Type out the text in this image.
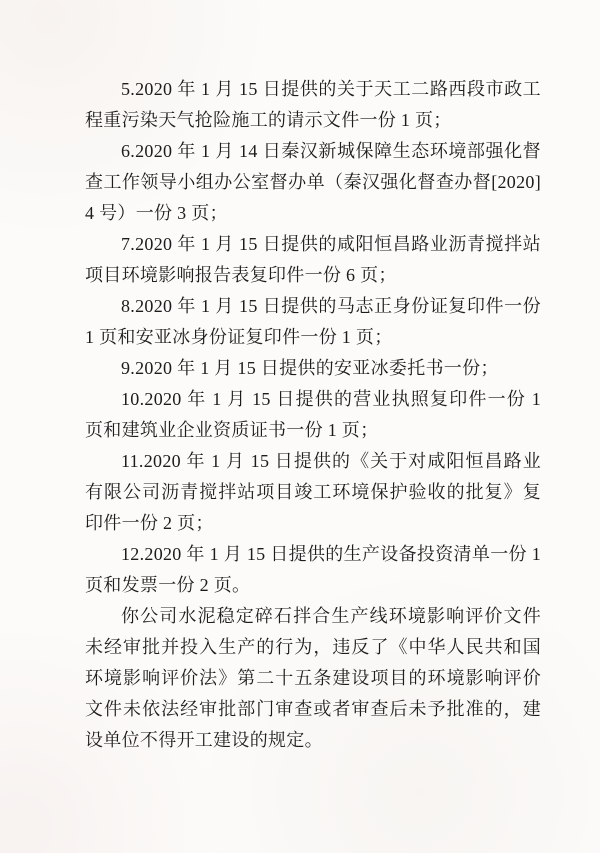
5.2020 年 1 月 15 日提供的关于天工二路西段市政工程重污染天气抢险施工的请示文件一份 1 页；

6.2020 年 1 月 14 日秦汉新城保障生态环境部强化督查工作领导小组办公室督办单（秦汉强化督查办督[2020]4 号）一份 3 页；

7.2020 年 1 月 15 日提供的咸阳恒昌路业沥青搅拌站项目环境影响报告表复印件一份 6 页；

8.2020 年 1 月 15 日提供的马志正身份证复印件一份 1 页和安亚冰身份证复印件一份 1 页；

9.2020 年 1 月 15 日提供的安亚冰委托书一份；

10.2020 年 1 月 15 日提供的营业执照复印件一份 1 页和建筑业企业资质证书一份 1 页；

11.2020 年 1 月 15 日提供的《关于对咸阳恒昌路业有限公司沥青搅拌站项目竣工环境保护验收的批复》复印件一份 2 页；

12.2020 年 1 月 15 日提供的生产设备投资清单一份 1 页和发票一份 2 页。

你公司水泥稳定碎石拌合生产线环境影响评价文件未经审批并投入生产的行为，违反了《中华人民共和国环境影响评价法》第二十五条建设项目的环境影响评价文件未依法经审批部门审查或者审查后未予批准的，建设单位不得开工建设的规定。
